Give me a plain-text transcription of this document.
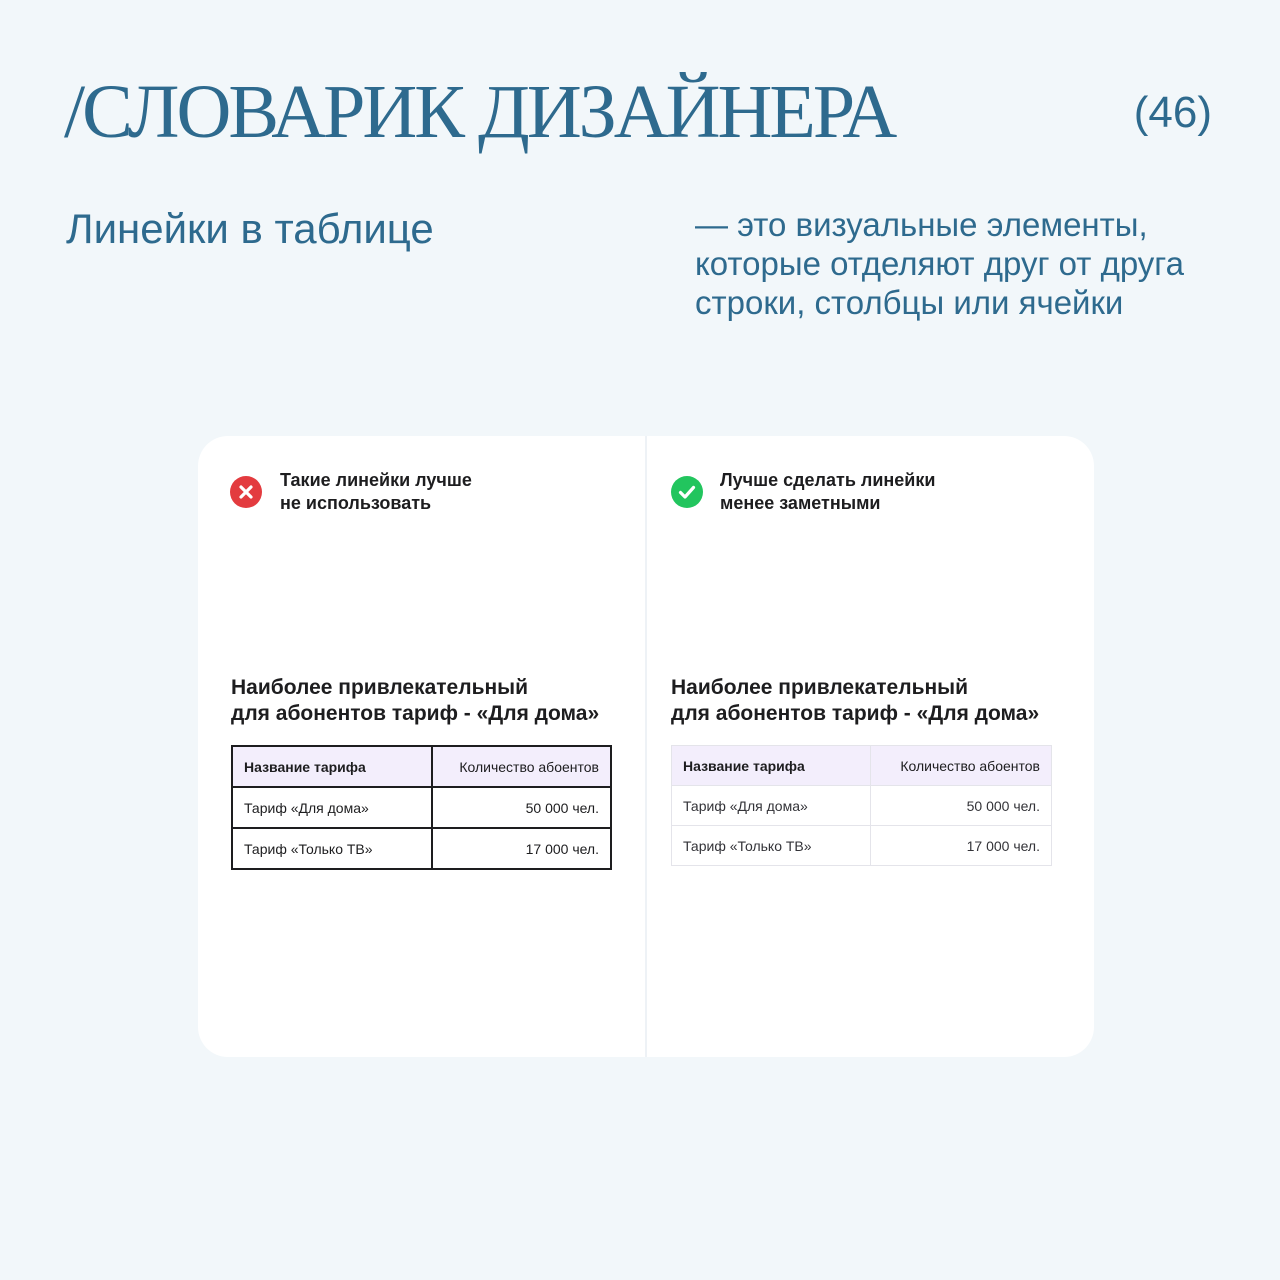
/СЛОВАРИК ДИЗАЙНЕРА	(46)
Линейки в таблице	— это визуальные элементы,
которые отделяют друг от друга
строки, столбцы или ячейки

Такие линейки лучше
не использовать
Наиболее привлекательный
для абонентов тариф - «Для дома»
Название тарифа	Количество абоентов
Тариф «Для дома»	50 000 чел.
Тариф «Только ТВ»	17 000 чел.
Лучше сделать линейки
менее заметными
Наиболее привлекательный
для абонентов тариф - «Для дома»
Название тарифа	Количество абоентов
Тариф «Для дома»	50 000 чел.
Тариф «Только ТВ»	17 000 чел.
